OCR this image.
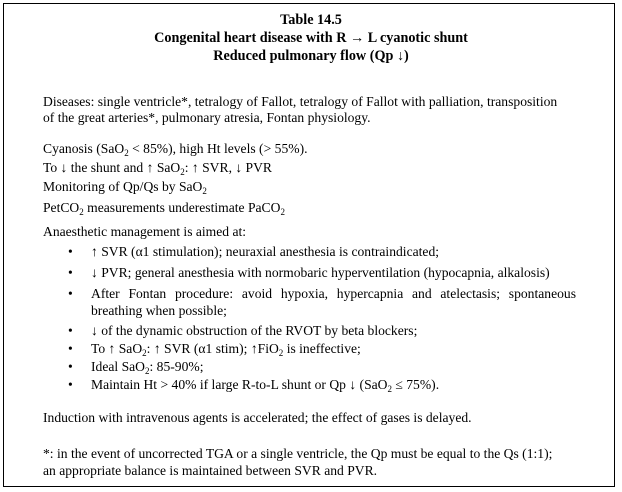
Table 14.5
Congenital heart disease with R → L cyanotic shunt
Reduced pulmonary flow (Qp ↓)
Diseases: single ventricle*, tetralogy of Fallot, tetralogy of Fallot with palliation, transposition
of the great arteries*, pulmonary atresia, Fontan physiology.
Cyanosis (SaO$_2$ < 85%), high Ht levels (> 55%).
To ↓ the shunt and ↑ SaO$_2$: ↑ SVR, ↓ PVR
Monitoring of Qp/Qs by SaO$_2$
PetCO$_2$ measurements underestimate PaCO$_2$
Anaesthetic management is aimed at:
• ↑ SVR (α1 stimulation); neuraxial anesthesia is contraindicated;
• ↓ PVR; general anesthesia with normobaric hyperventilation (hypocapnia, alkalosis)
• After Fontan procedure: avoid hypoxia, hypercapnia and atelectasis; spontaneous
breathing when possible;
• ↓ of the dynamic obstruction of the RVOT by beta blockers;
• To ↑ SaO$_2$: ↑ SVR (α1 stim); ↑FiO$_2$ is ineffective;
• Ideal SaO$_2$: 85-90%;
• Maintain Ht > 40% if large R-to-L shunt or Qp ↓ (SaO$_2$ ≤ 75%).
Induction with intravenous agents is accelerated; the effect of gases is delayed.
*: in the event of uncorrected TGA or a single ventricle, the Qp must be equal to the Qs (1:1);
an appropriate balance is maintained between SVR and PVR.
